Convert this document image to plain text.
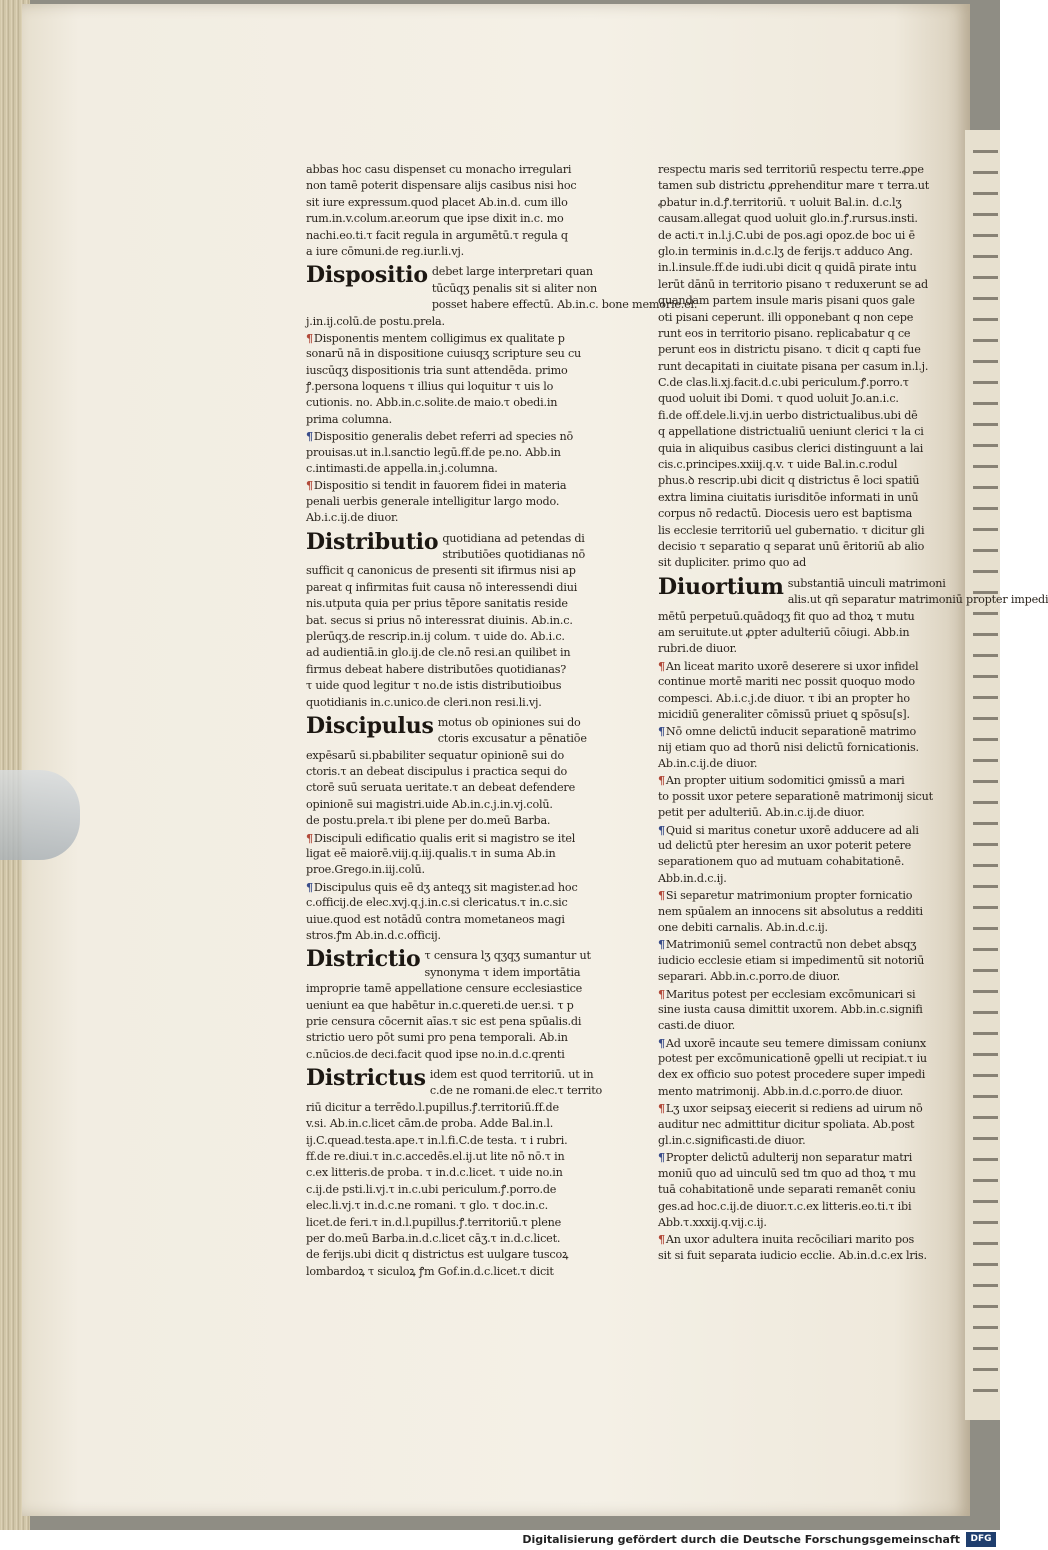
abbas hoc casu dispenset cu monacho irregulari
non tamē poterit dispensare alijs casibus nisi hoc
sit iure expressum.quod placet Ab.in.d. cum illo
rum.in.v.colum.ar.eorum que ipse dixit in.c. mo
nachi.eo.ti.τ facit regula in argumētū.τ regula q
a iure cōmuni.de reg.iur.li.vj.
Dispositio debet large interpretari quan
tūcūqʒ penalis sit si aliter non
posset habere effectū. Ab.in.c. bone memorie.el.
j.in.ij.colū.de postu.prela.
¶Disponentis mentem colligimus ex qualitate p
sonarū nā in dispositione cuiusqʒ scripture seu cu
iuscūqʒ dispositionis tria sunt attendēda. primo
ꝭ.persona loquens τ illius qui loquitur τ uis lo
cutionis. no. Abb.in.c.solite.de maio.τ obedi.in
prima columna.
¶Dispositio generalis debet referri ad species nō
prouisas.ut in.l.sanctio legū.ff.de pe.no. Abb.in
c.intimasti.de appella.in.j.columna.
¶Dispositio si tendit in fauorem fidei in materia
penali uerbis generale intelligitur largo modo.
Ab.i.c.ij.de diuor.
Distributio quotidiana ad petendas di
stributiōes quotidianas nō
sufficit q canonicus de presenti sit ifirmus nisi ap
pareat q infirmitas fuit causa nō interessendi diui
nis.utputa quia per prius tēpore sanitatis reside
bat. secus si prius nō interessrat diuinis. Ab.in.c.
plerūqʒ.de rescrip.in.ij colum. τ uide do. Ab.i.c.
ad audientiā.in glo.ij.de cle.nō resi.an quilibet in
firmus debeat habere distributōes quotidianas?
τ uide quod legitur τ no.de istis distributioibus
quotidianis in.c.unico.de cleri.non resi.li.vj.
Discipulus motus ob opiniones sui do
ctoris excusatur a pēnatiōe
expēsarū si.pbabiliter sequatur opinionē sui do
ctoris.τ an debeat discipulus i practica sequi do
ctorē suū seruata ueritate.τ an debeat defendere
opinionē sui magistri.uide Ab.in.c.j.in.vj.colū.
de postu.prela.τ ibi plene per do.meū Barba.
¶Discipuli edificatio qualis erit si magistro se itel
ligat eē maiorē.viij.q.iij.qualis.τ in suma Ab.in
proe.Grego.in.iij.colū.
¶Discipulus quis eē dʒ anteqʒ sit magister.ad hoc
c.officij.de elec.xvj.q.j.in.c.si clericatus.τ in.c.sic
uiue.quod est notādū contra mometaneos magi
stros.ꝭm Ab.in.d.c.officij.
Districtio τ censura lʒ qʒqʒ sumantur ut
synonyma τ idem importātia
improprie tamē appellatione censure ecclesiastice
ueniunt ea que habētur in.c.quereti.de uer.si. τ p
prie censura cōcernit aīas.τ sic est pena spūalis.di
strictio uero pōt sumi pro pena temporali. Ab.in
c.nūcios.de deci.facit quod ipse no.in.d.c.qrenti
Districtus idem est quod territoriū. ut in
c.de ne romani.de elec.τ territo
riū dicitur a terrēdo.l.pupillus.ꝭ.territoriū.ff.de
v.si. Ab.in.c.licet cām.de proba. Adde Bal.in.l.
ij.C.quead.testa.ape.τ in.l.fi.C.de testa. τ i rubri.
ff.de re.diui.τ in.c.accedēs.el.ij.ut lite nō nō.τ in
c.ex litteris.de proba. τ in.d.c.licet. τ uide no.in
c.ij.de psti.li.vj.τ in.c.ubi periculum.ꝭ.porro.de
elec.li.vj.τ in.d.c.ne romani. τ glo. τ doc.in.c.
licet.de feri.τ in.d.l.pupillus.ꝭ.territoriū.τ plene
per do.meū Barba.in.d.c.licet cāʒ.τ in.d.c.licet.
de ferijs.ubi dicit q districtus est uulgare tuscoꝝ
lombardoꝝ τ siculoꝝ ꝭm Gof.in.d.c.licet.τ dicit
respectu maris sed territoriū respectu terre.ꝓpe
tamen sub districtu ꝓprehenditur mare τ terra.ut
ꝓbatur in.d.ꝭ.territoriū. τ uoluit Bal.in. d.c.lʒ
causam.allegat quod uoluit glo.in.ꝭ.rursus.insti.
de acti.τ in.l.j.C.ubi de pos.agi opoz.de boc ui ē
glo.in terminis in.d.c.lʒ de ferijs.τ adduco Ang.
in.l.insule.ff.de iudi.ubi dicit q quidā pirate intu
lerūt dānū in territorio pisano τ reduxerunt se ad
quandam partem insule maris pisani quos gale
oti pisani ceperunt. illi opponebant q non cepe
runt eos in territorio pisano. replicabatur q ce
perunt eos in districtu pisano. τ dicit q capti fue
runt decapitati in ciuitate pisana per casum in.l.j.
C.de clas.li.xj.facit.d.c.ubi periculum.ꝭ.porro.τ
quod uoluit ibi Domi. τ quod uoluit Jo.an.i.c.
fi.de off.dele.li.vj.in uerbo districtualibus.ubi dē
q appellatione districtualiū ueniunt clerici τ la ci
quia in aliquibus casibus clerici distinguunt a lai
cis.c.principes.xxiij.q.v. τ uide Bal.in.c.rodul
phus.ꝺ rescrip.ubi dicit q districtus ē loci spatiū
extra limina ciuitatis iurisditōe informati in unū
corpus nō redactū. Diocesis uero est baptisma
lis ecclesie territoriū uel gubernatio. τ dicitur gli
decisio τ separatio q separat unū ēritoriū ab alio
sit dupliciter. primo quo ad
Diuortium substantiā uinculi matrimoni
alis.ut qñ separatur matrimoniū propter impedi
mētū perpetuū.quādoqʒ fit quo ad thoꝝ τ mutu
am seruitute.ut ꝓpter adulteriū cōiugi. Abb.in
rubri.de diuor.
¶An liceat marito uxorē deserere si uxor infidel
continue mortē mariti nec possit quoquo modo
compesci. Ab.i.c.j.de diuor. τ ibi an propter ho
micidiū generaliter cōmissū priuet ꝗ spōsu[s].
¶Nō omne delictū inducit separationē matrimo
nij etiam quo ad thorū nisi delictū fornicationis.
Ab.in.c.ij.de diuor.
¶An propter uitium sodomitici ꝯmissū a mari
to possit uxor petere separationē matrimonij sicut
petit per adulteriū. Ab.in.c.ij.de diuor.
¶Quid si maritus conetur uxorē adducere ad ali
ud delictū pter heresim an uxor poterit petere
separationem quo ad mutuam cohabitationē.
Abb.in.d.c.ij.
¶Si separetur matrimonium propter fornicatio
nem spūalem an innocens sit absolutus a redditi
one debiti carnalis. Ab.in.d.c.ij.
¶Matrimoniū semel contractū non debet absqʒ
iudicio ecclesie etiam si impedimentū sit notoriū
separari. Abb.in.c.porro.de diuor.
¶Maritus potest per ecclesiam excōmunicari si
sine iusta causa dimittit uxorem. Abb.in.c.signifi
casti.de diuor.
¶Ad uxorē incaute seu temere dimissam coniunx
potest per excōmunicationē ꝯpelli ut recipiat.τ iu
dex ex officio suo potest procedere super impedi
mento matrimonij. Abb.in.d.c.porro.de diuor.
¶Lʒ uxor seipsaʒ eiecerit si rediens ad uirum nō
auditur nec admittitur dicitur spoliata. Ab.post
gl.in.c.significasti.de diuor.
¶Propter delictū adulterij non separatur matri
moniū quo ad uinculū sed tm quo ad thoꝝ τ mu
tuā cohabitationē unde separati remanēt coniu
ges.ad hoc.c.ij.de diuor.τ.c.ex litteris.eo.ti.τ ibi
Abb.τ.xxxij.q.vij.c.ij.
¶An uxor adultera inuita recōciliari marito pos
sit si fuit separata iudicio ecclie. Ab.in.d.c.ex lris.
Digitalisierung gefördert durch die Deutsche Forschungsgemeinschaft	DFG
